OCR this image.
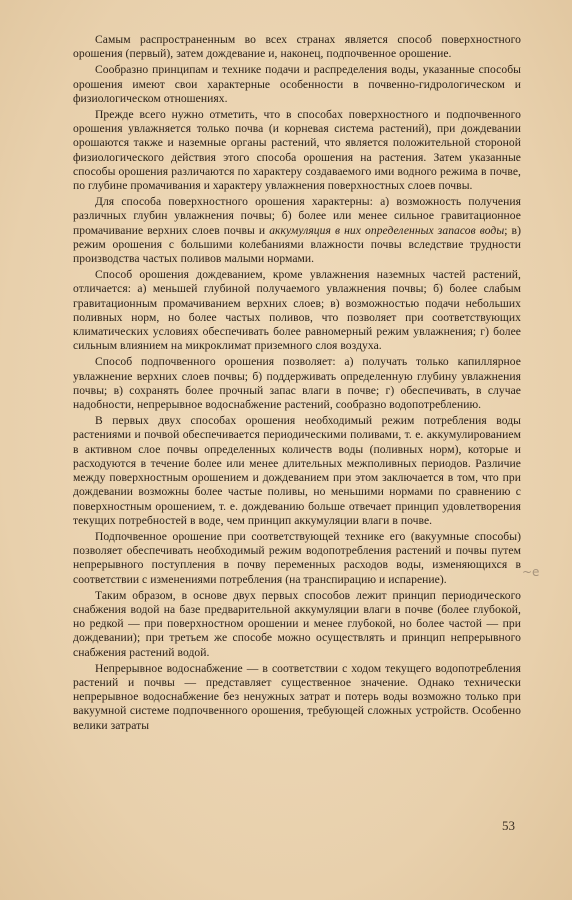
Самым распространенным во всех странах является способ поверхностного орошения (первый), затем дождевание и, наконец, подпочвенное орошение.

Сообразно принципам и технике подачи и распределения воды, указанные способы орошения имеют свои характерные особенности в почвенно-гидрологическом и физиологическом отношениях.

Прежде всего нужно отметить, что в способах поверхностного и подпочвенного орошения увлажняется только почва (и корневая система растений), при дождевании орошаются также и наземные органы растений, что является положительной стороной физиологического действия этого способа орошения на растения. Затем указанные способы орошения различаются по характеру создаваемого ими водного режима в почве, по глубине промачивания и характеру увлажнения поверхностных слоев почвы.

Для способа поверхностного орошения характерны: а) возможность получения различных глубин увлажнения почвы; б) более или менее сильное гравитационное промачивание верхних слоев почвы и аккумуляция в них определенных запасов воды; в) режим орошения с большими колебаниями влажности почвы вследствие трудности производства частых поливов малыми нормами.

Способ орошения дождеванием, кроме увлажнения наземных частей растений, отличается: а) меньшей глубиной получаемого увлажнения почвы; б) более слабым гравитационным промачиванием верхних слоев; в) возможностью подачи небольших поливных норм, но более частых поливов, что позволяет при соответствующих климатических условиях обеспечивать более равномерный режим увлажнения; г) более сильным влиянием на микроклимат приземного слоя воздуха.

Способ подпочвенного орошения позволяет: а) получать только капиллярное увлажнение верхних слоев почвы; б) поддерживать определенную глубину увлажнения почвы; в) сохранять более прочный запас влаги в почве; г) обеспечивать, в случае надобности, непрерывное водоснабжение растений, сообразно водопотреблению.

В первых двух способах орошения необходимый режим потребления воды растениями и почвой обеспечивается периодическими поливами, т. е. аккумулированием в активном слое почвы определенных количеств воды (поливных норм), которые и расходуются в течение более или менее длительных межполивных периодов. Различие между поверхностным орошением и дождеванием при этом заключается в том, что при дождевании возможны более частые поливы, но меньшими нормами по сравнению с поверхностным орошением, т. е. дождеванию больше отвечает принцип удовлетворения текущих потребностей в воде, чем принцип аккумуляции влаги в почве.

Подпочвенное орошение при соответствующей технике его (вакуумные способы) позволяет обеспечивать необходимый режим водопотребления растений и почвы путем непрерывного поступления в почву переменных расходов воды, изменяющихся в соответствии с изменениями потребления (на транспирацию и испарение).

Таким образом, в основе двух первых способов лежит принцип периодического снабжения водой на базе предварительной аккумуляции влаги в почве (более глубокой, но редкой — при поверхностном орошении и менее глубокой, но более частой — при дождевании); при третьем же способе можно осуществлять и принцип непрерывного снабжения растений водой.

Непрерывное водоснабжение — в соответствии с ходом текущего водопотребления растений и почвы — представляет существенное значение. Однако технически непрерывное водоснабжение без ненужных затрат и потерь воды возможно только при вакуумной системе подпочвенного орошения, требующей сложных устройств. Особенно велики затраты

~e
53
